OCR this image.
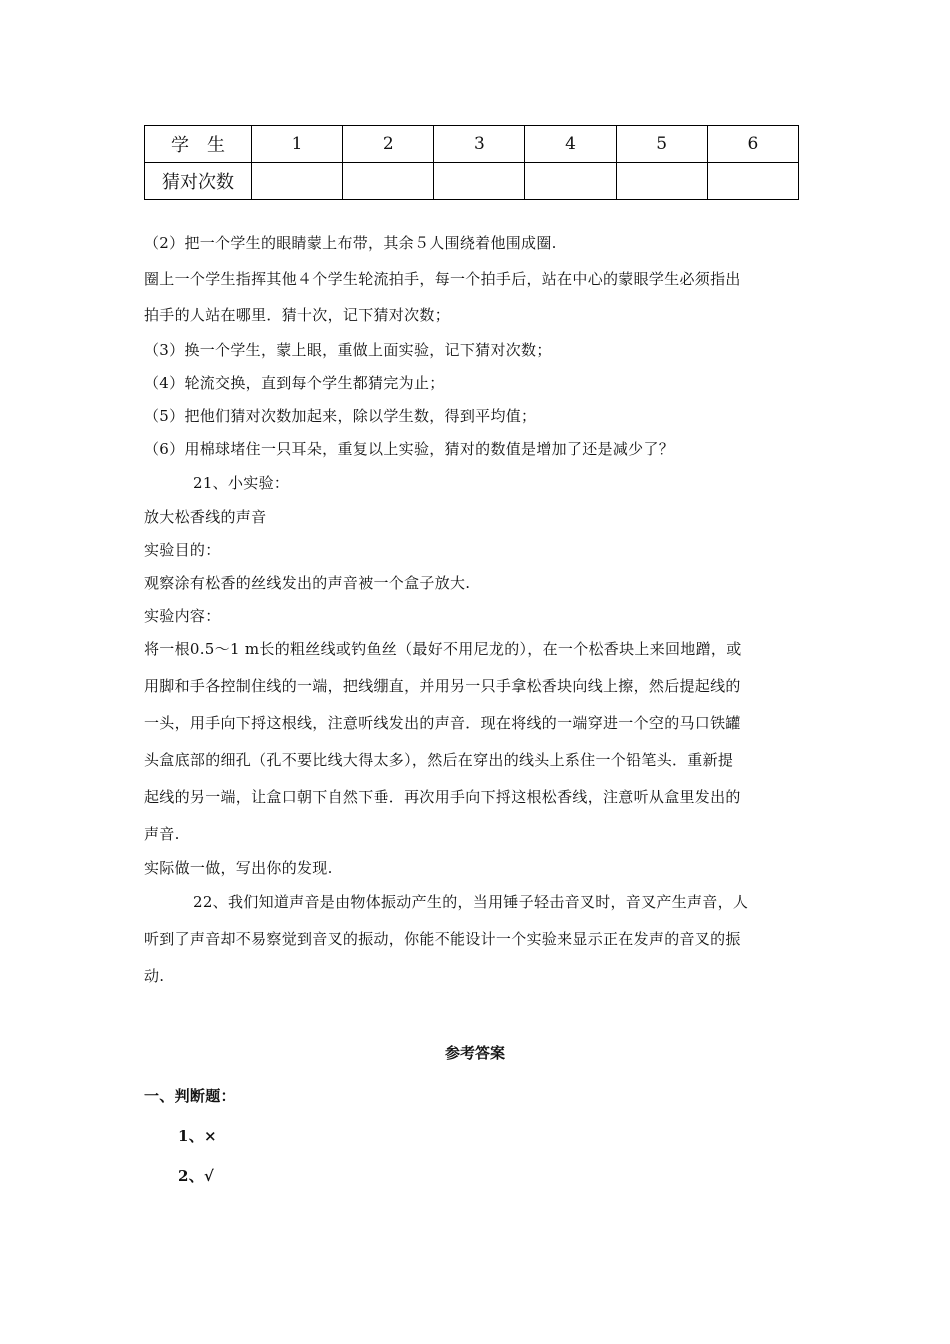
学　生	1	2	3	4	5	6
猜对次数						
（2）把一个学生的眼睛蒙上布带，其余５人围绕着他围成圈.
圈上一个学生指挥其他４个学生轮流拍手，每一个拍手后，站在中心的蒙眼学生必须指出
拍手的人站在哪里．猜十次，记下猜对次数；
（3）换一个学生，蒙上眼，重做上面实验，记下猜对次数；
（4）轮流交换，直到每个学生都猜完为止；
（5）把他们猜对次数加起来，除以学生数，得到平均值；
（6）用棉球堵住一只耳朵，重复以上实验，猜对的数值是增加了还是减少了？
21、小实验：
放大松香线的声音
实验目的：
观察涂有松香的丝线发出的声音被一个盒子放大.
实验内容：
将一根0.5～1 m长的粗丝线或钓鱼丝（最好不用尼龙的），在一个松香块上来回地蹭，或
用脚和手各控制住线的一端，把线绷直，并用另一只手拿松香块向线上擦，然后提起线的
一头，用手向下捋这根线，注意听线发出的声音．现在将线的一端穿进一个空的马口铁罐
头盒底部的细孔（孔不要比线大得太多），然后在穿出的线头上系住一个铅笔头．重新提
起线的另一端，让盒口朝下自然下垂．再次用手向下捋这根松香线，注意听从盒里发出的
声音.
实际做一做，写出你的发现.
22、我们知道声音是由物体振动产生的，当用锤子轻击音叉时，音叉产生声音，人
听到了声音却不易察觉到音叉的振动，你能不能设计一个实验来显示正在发声的音叉的振
动.
参考答案
一、判断题：
1、×
2、√
